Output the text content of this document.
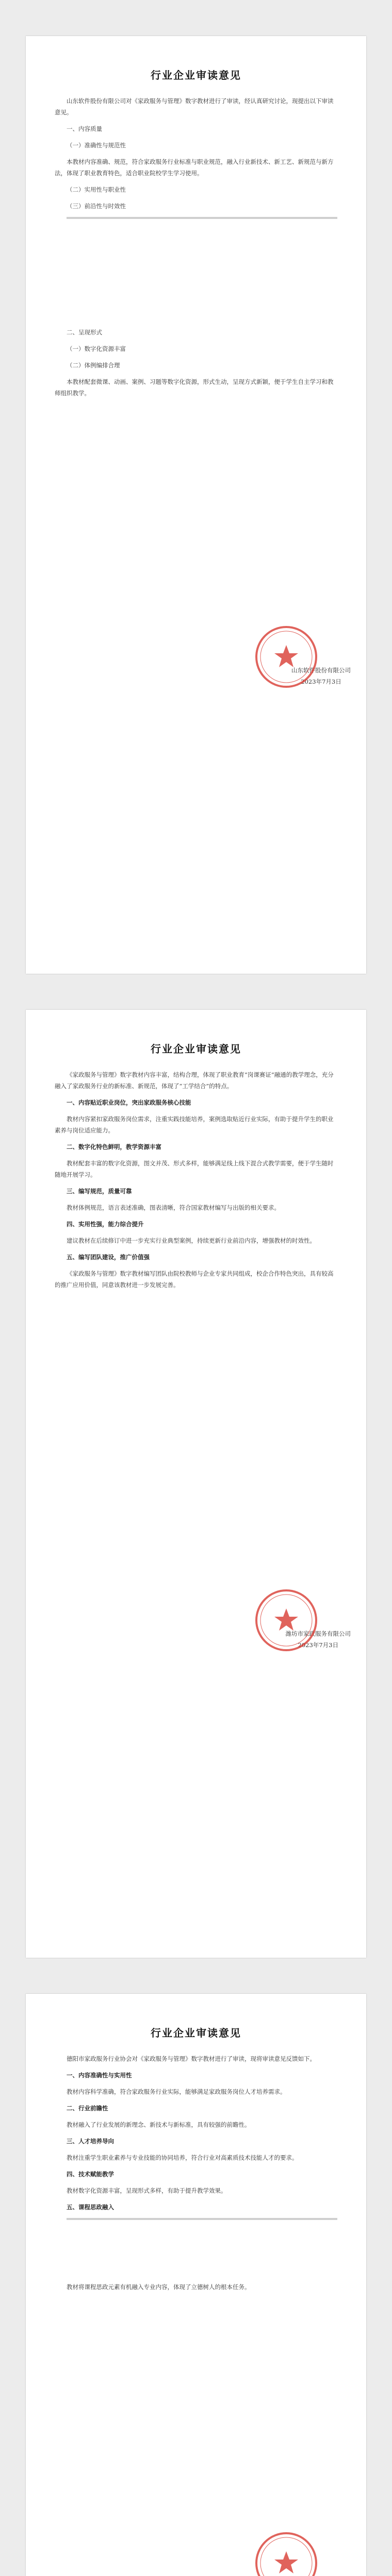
行业企业审读意见

山东软件股份有限公司对《家政服务与管理》数字教材进行了审读，经认真研究讨论，现提出以下审读意见。

一、内容质量

（一）准确性与规范性

本教材内容准确、规范，符合家政服务行业标准与职业规范，融入行业新技术、新工艺、新规范与新方法，体现了职业教育特色，适合职业院校学生学习使用。

（二）实用性与职业性

（三）前沿性与时效性

二、呈现形式

（一）数字化资源丰富

（二）体例编排合理

本教材配套微课、动画、案例、习题等数字化资源，形式生动，呈现方式新颖，便于学生自主学习和教师组织教学。

山东软件股份有限公司
2023年7月3日
行业企业审读意见

《家政服务与管理》数字教材内容丰富，结构合理，体现了职业教育“岗课赛证”融通的教学理念，充分融入了家政服务行业的新标准、新规范，体现了“工学结合”的特点。

一、内容贴近职业岗位，突出家政服务核心技能

教材内容紧扣家政服务岗位需求，注重实践技能培养，案例选取贴近行业实际，有助于提升学生的职业素养与岗位适应能力。

二、数字化特色鲜明，教学资源丰富

教材配套丰富的数字化资源，图文并茂、形式多样，能够满足线上线下混合式教学需要，便于学生随时随地开展学习。

三、编写规范，质量可靠

教材体例规范，语言表述准确，图表清晰，符合国家教材编写与出版的相关要求。

四、实用性强，能力综合提升

建议教材在后续修订中进一步充实行业典型案例，持续更新行业前沿内容，增强教材的时效性。

五、编写团队建设，推广价值强

《家政服务与管理》数字教材编写团队由院校教师与企业专家共同组成，校企合作特色突出，具有较高的推广应用价值，同意该教材进一步发展完善。

潍坊市家政服务有限公司
2023年7月3日
行业企业审读意见

德阳市家政服务行业协会对《家政服务与管理》数字教材进行了审读，现将审读意见反馈如下。

一、内容准确性与实用性

教材内容科学准确，符合家政服务行业实际，能够满足家政服务岗位人才培养需求。

二、行业前瞻性

教材融入了行业发展的新理念、新技术与新标准，具有较强的前瞻性。

三、人才培养导向

教材注重学生职业素养与专业技能的协同培养，符合行业对高素质技术技能人才的要求。

四、技术赋能教学

教材数字化资源丰富，呈现形式多样，有助于提升教学效果。

五、课程思政融入

教材将课程思政元素有机融入专业内容，体现了立德树人的根本任务。
